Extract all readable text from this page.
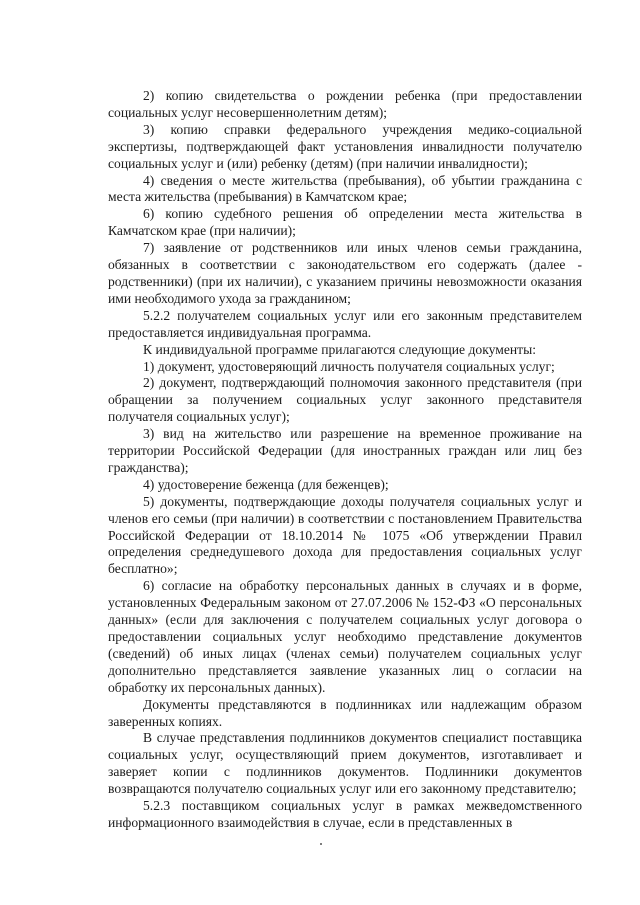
2) копию свидетельства о рождении ребенка (при предоставлении социальных услуг несовершеннолетним детям);

3) копию справки федерального учреждения медико-социальной экспертизы, подтверждающей факт установления инвалидности получателю социальных услуг и (или) ребенку (детям) (при наличии инвалидности);

4) сведения о месте жительства (пребывания), об убытии гражданина с места жительства (пребывания) в Камчатском крае;

6) копию судебного решения об определении места жительства в Камчатском крае (при наличии);

7) заявление от родственников или иных членов семьи гражданина, обязанных в соответствии с законодательством его содержать (далее - родственники) (при их наличии), с указанием причины невозможности оказания ими необходимого ухода за гражданином;

5.2.2 получателем социальных услуг или его законным представителем предоставляется индивидуальная программа.

К индивидуальной программе прилагаются следующие документы:

1) документ, удостоверяющий личность получателя социальных услуг;

2) документ, подтверждающий полномочия законного представителя (при обращении за получением социальных услуг законного представителя получателя социальных услуг);

3) вид на жительство или разрешение на временное проживание на территории Российской Федерации (для иностранных граждан или лиц без гражданства);

4) удостоверение беженца (для беженцев);

5) документы, подтверждающие доходы получателя социальных услуг и членов его семьи (при наличии) в соответствии с постановлением Правительства Российской Федерации от 18.10.2014 № 1075 «Об утверждении Правил определения среднедушевого дохода для предоставления социальных услуг бесплатно»;

6) согласие на обработку персональных данных в случаях и в форме, установленных Федеральным законом от 27.07.2006 № 152-ФЗ «О персональных данных» (если для заключения с получателем социальных услуг договора о предоставлении социальных услуг необходимо представление документов (сведений) об иных лицах (членах семьи) получателем социальных услуг дополнительно представляется заявление указанных лиц о согласии на обработку их персональных данных).

Документы представляются в подлинниках или надлежащим образом заверенных копиях.

В случае представления подлинников документов специалист поставщика социальных услуг, осуществляющий прием документов, изготавливает и заверяет копии с подлинников документов. Подлинники документов возвращаются получателю социальных услуг или его законному представителю;

5.2.3 поставщиком социальных услуг в рамках межведомственного информационного взаимодействия в случае, если в представленных в
